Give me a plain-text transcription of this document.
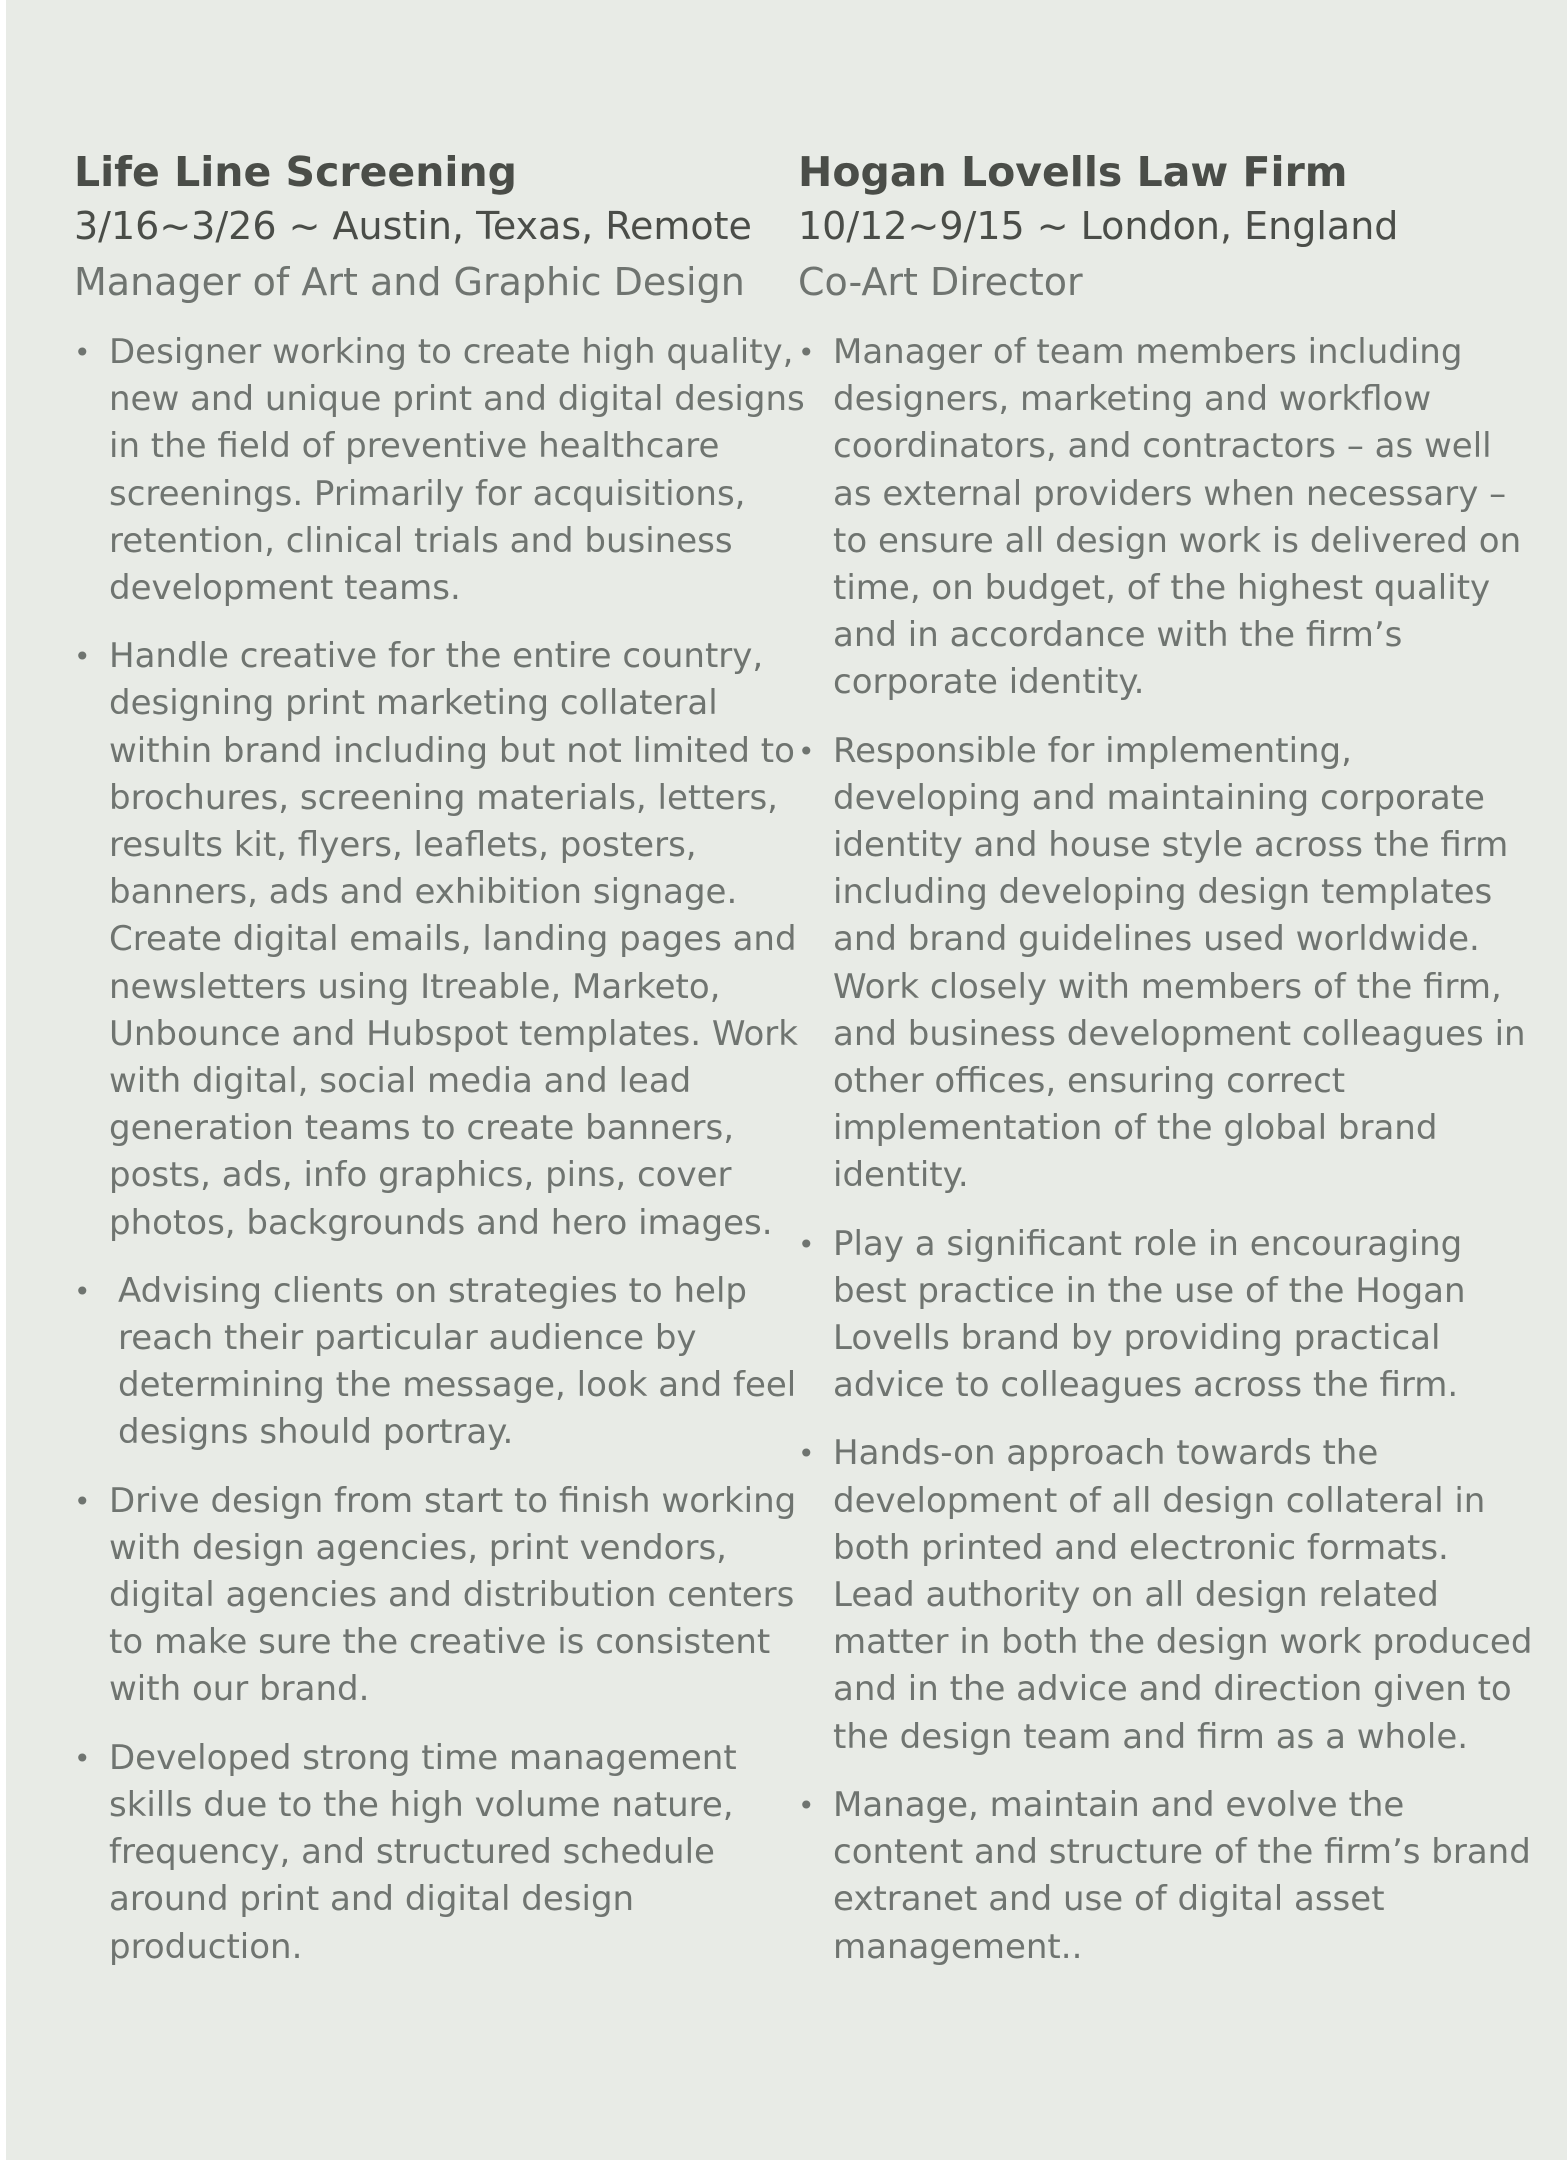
Life Line Screening

3/16~3/26 ~ Austin, Texas, Remote

Manager of Art and Graphic Design

• Designer working to create high quality, new and unique print and digital designs in the field of preventive healthcare screenings. Primarily for acquisitions, retention, clinical trials and business development teams.
• Handle creative for the entire country, designing print marketing collateral within brand including but not limited to brochures, screening materials, letters, results kit, flyers, leaflets, posters, banners, ads and exhibition signage. Create digital emails, landing pages and newsletters using Itreable, Marketo, Unbounce and Hubspot templates. Work with digital, social media and lead generation teams to create banners, posts, ads, info graphics, pins, cover photos, backgrounds and hero images.
• Advising clients on strategies to help reach their particular audience by determining the message, look and feel designs should portray.
• Drive design from start to finish working with design agencies, print vendors, digital agencies and distribution centers to make sure the creative is consistent with our brand.
• Developed strong time management skills due to the high volume nature, frequency, and structured schedule around print and digital design production.
Hogan Lovells Law Firm

10/12~9/15 ~ London, England

Co-Art Director

• Manager of team members including designers, marketing and workflow coordinators, and contractors – as well as external providers when necessary – to ensure all design work is delivered on time, on budget, of the highest quality and in accordance with the firm’s corporate identity.
• Responsible for implementing, developing and maintaining corporate identity and house style across the firm including developing design templates and brand guidelines used worldwide. Work closely with members of the firm, and business development colleagues in other offices, ensuring correct implementation of the global brand identity.
• Play a significant role in encouraging best practice in the use of the Hogan Lovells brand by providing practical advice to colleagues across the firm.
• Hands-on approach towards the development of all design collateral in both printed and electronic formats. Lead authority on all design related matter in both the design work produced and in the advice and direction given to the design team and firm as a whole.
• Manage, maintain and evolve the content and structure of the firm’s brand extranet and use of digital asset management..
